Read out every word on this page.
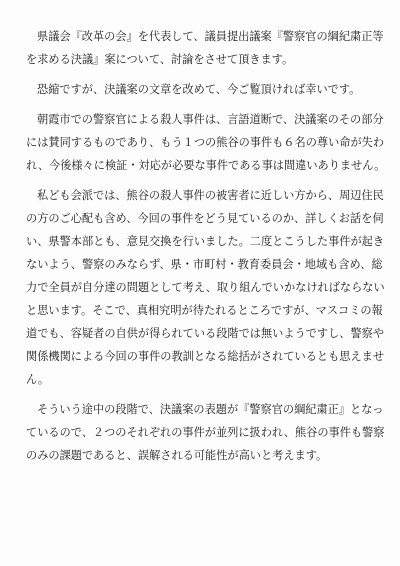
県議会『改革の会』を代表して、議員提出議案『警察官の綱紀粛正等
を求める決議』案について、討論をさせて頂きます。
恐縮ですが、決議案の文章を改めて、今ご覧頂ければ幸いです。
朝霞市での警察官による殺人事件は、言語道断で、決議案のその部分
には賛同するものであり、もう１つの熊谷の事件も６名の尊い命が失わ
れ、今後様々に検証・対応が必要な事件である事は間違いありません。
私ども会派では、熊谷の殺人事件の被害者に近しい方から、周辺住民
の方のご心配も含め、今回の事件をどう見ているのか、詳しくお話を伺
い、県警本部とも、意見交換を行いました。二度とこうした事件が起き
ないよう、警察のみならず、県・市町村・教育委員会・地域も含め、総
力で全員が自分達の問題として考え、取り組んでいかなければならない
と思います。そこで、真相究明が待たれるところですが、マスコミの報
道でも、容疑者の自供が得られている段階では無いようですし、警察や
関係機関による今回の事件の教訓となる総括がされているとも思えませ
ん。
そういう途中の段階で、決議案の表題が『警察官の綱紀粛正』となっ
ているので、２つのそれぞれの事件が並列に扱われ、熊谷の事件も警察
のみの課題であると、誤解される可能性が高いと考えます。
